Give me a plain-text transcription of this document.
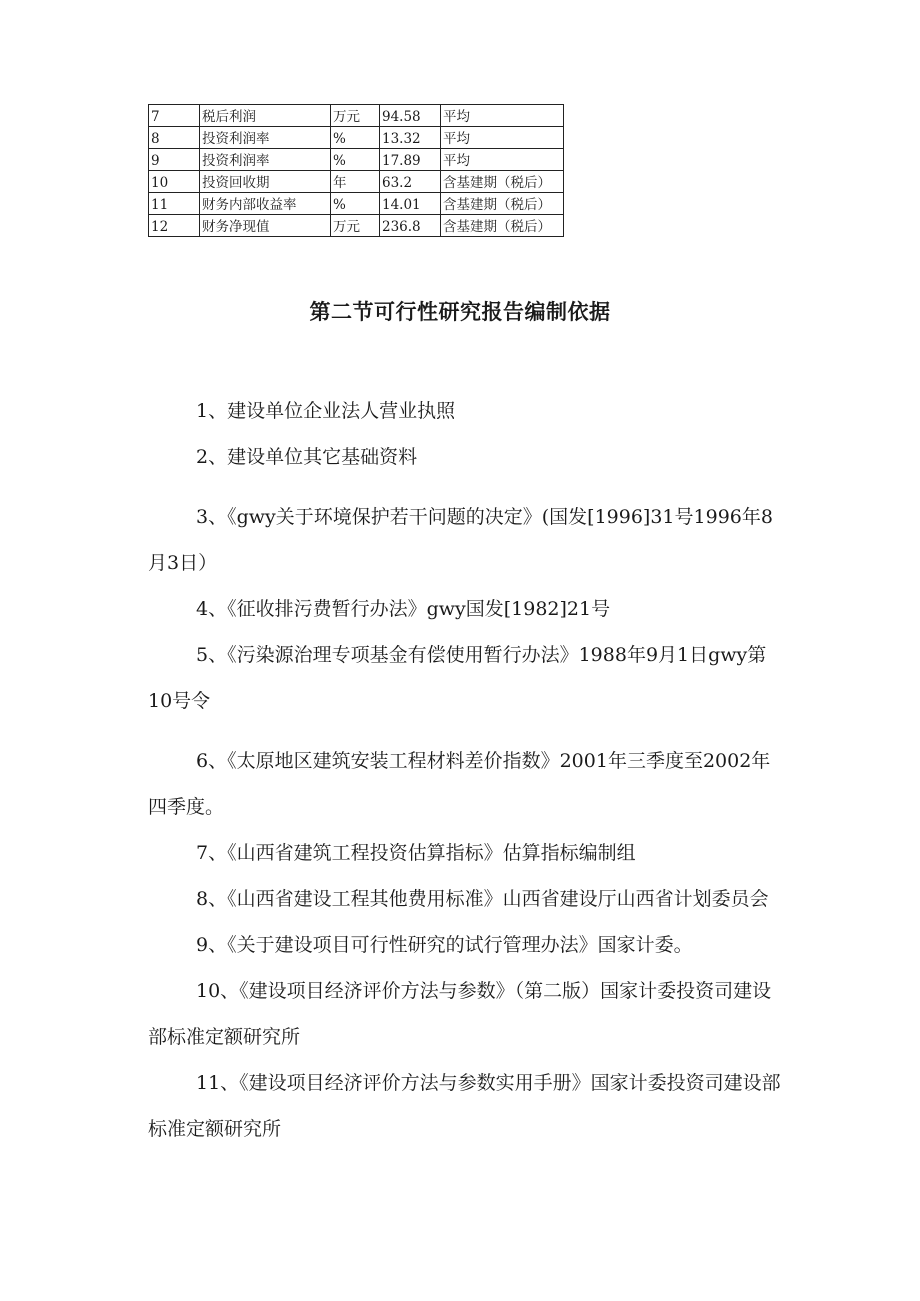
7	税后利润	万元	94.58	平均
8	投资利润率	%	13.32	平均
9	投资利润率	%	17.89	平均
10	投资回收期	年	63.2	含基建期（税后）
11	财务内部收益率	%	14.01	含基建期（税后）
12	财务净现值	万元	236.8	含基建期（税后）
第二节可行性研究报告编制依据

1、建设单位企业法人营业执照

2、建设单位其它基础资料

3、《gwy关于环境保护若干问题的决定》(国发[1996]31号1996年8月3日）

4、《征收排污费暂行办法》gwy国发[1982]21号

5、《污染源治理专项基金有偿使用暂行办法》1988年9月1日gwy第10号令

6、《太原地区建筑安装工程材料差价指数》2001年三季度至2002年四季度。

7、《山西省建筑工程投资估算指标》估算指标编制组

8、《山西省建设工程其他费用标准》山西省建设厅山西省计划委员会

9、《关于建设项目可行性研究的试行管理办法》国家计委。

10、《建设项目经济评价方法与参数》（第二版）国家计委投资司建设部标准定额研究所

11、《建设项目经济评价方法与参数实用手册》国家计委投资司建设部标准定额研究所
